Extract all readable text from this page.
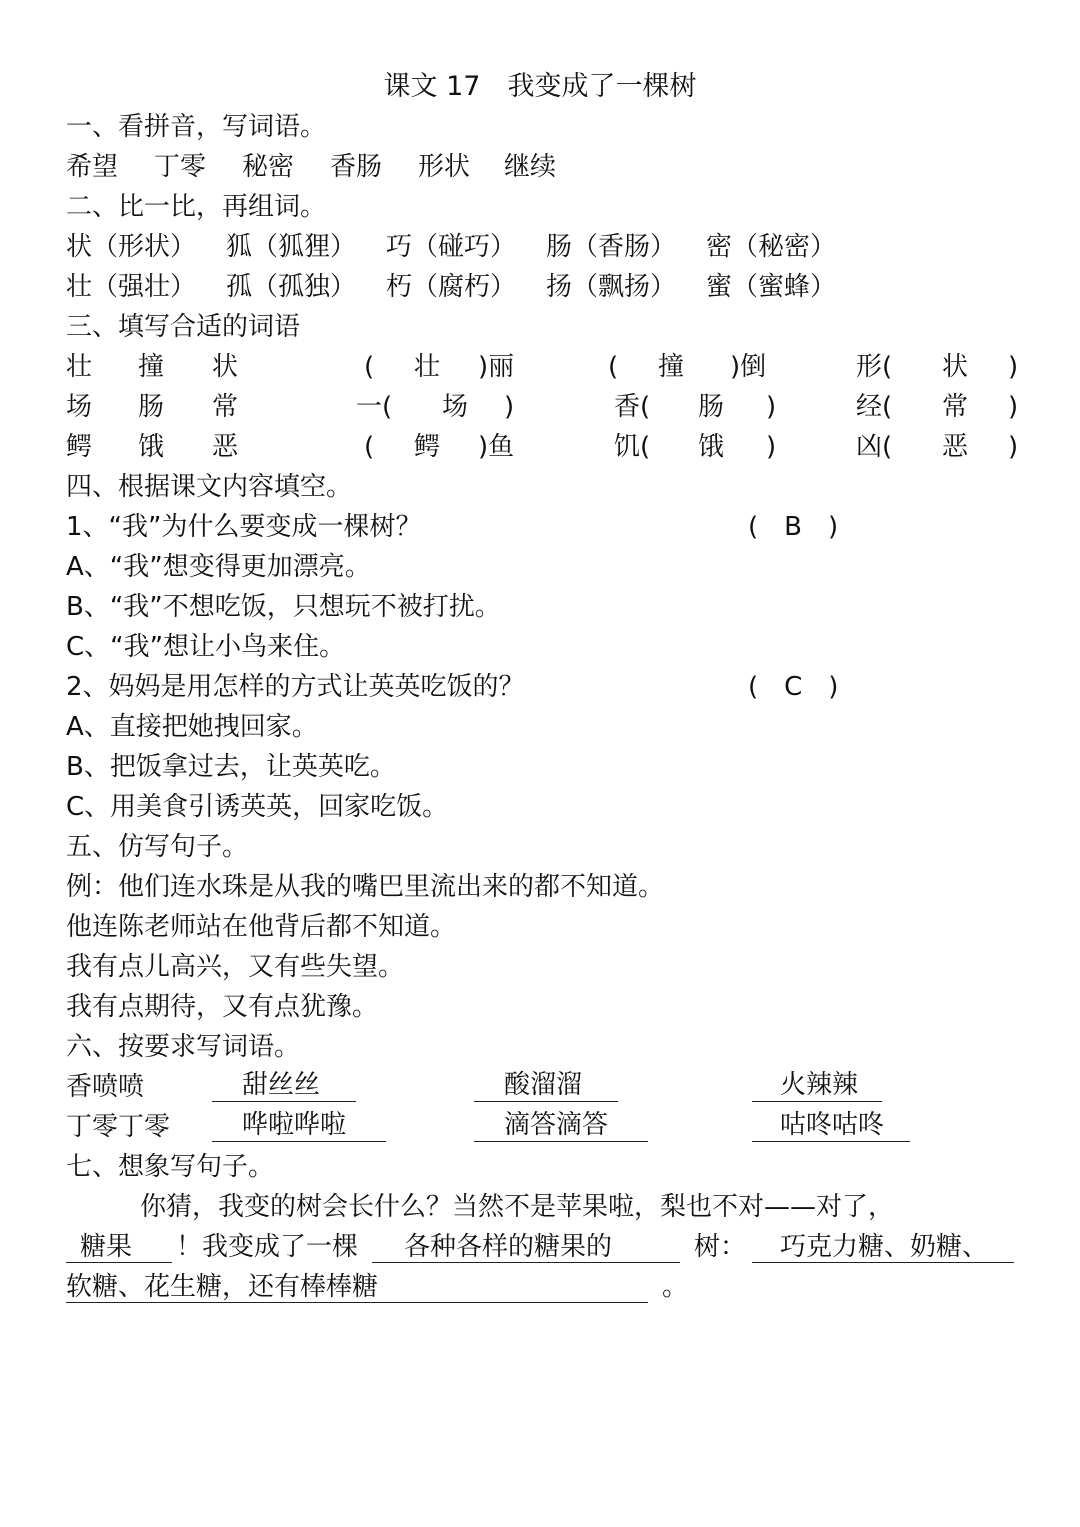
课文 17　我变成了一棵树
一、看拼音，写词语。
希望 丁零 秘密 香肠 形状 继续
二、比一比，再组词。
状（形状） 狐（狐狸） 巧（碰巧） 肠（香肠） 密（秘密）
壮（强壮） 孤（孤独） 朽（腐朽） 扬（飘扬） 蜜（蜜蜂）
三、填写合适的词语
壮 撞 状	( 壮 )丽	( 撞 )倒	形( 状 )
场 肠 常	一( 场 )	香( 肠 )	经( 常 )
鳄 饿 恶	( 鳄 )鱼	饥( 饿 )	凶( 恶 )
四、根据课文内容填空。
1、“我”为什么要变成一棵树？	(　B　)
A、“我”想变得更加漂亮。
B、“我”不想吃饭，只想玩不被打扰。
C、“我”想让小鸟来住。
2、妈妈是用怎样的方式让英英吃饭的？	(　C　)
A、直接把她拽回家。
B、把饭拿过去，让英英吃。
C、用美食引诱英英，回家吃饭。
五、仿写句子。
例：他们连水珠是从我的嘴巴里流出来的都不知道。
他连陈老师站在他背后都不知道。
我有点儿高兴，又有些失望。
我有点期待，又有点犹豫。
六、按要求写词语。
香喷喷	甜丝丝	酸溜溜	火辣辣
丁零丁零	哗啦哗啦	滴答滴答	咕咚咕咚
七、想象写句子。
你猜，我变的树会长什么？当然不是苹果啦，梨也不对——对了，
糖果 ！我变成了一棵 各种各样的糖果的	树： 巧克力糖、奶糖、
软糖、花生糖，还有棒棒糖	。
